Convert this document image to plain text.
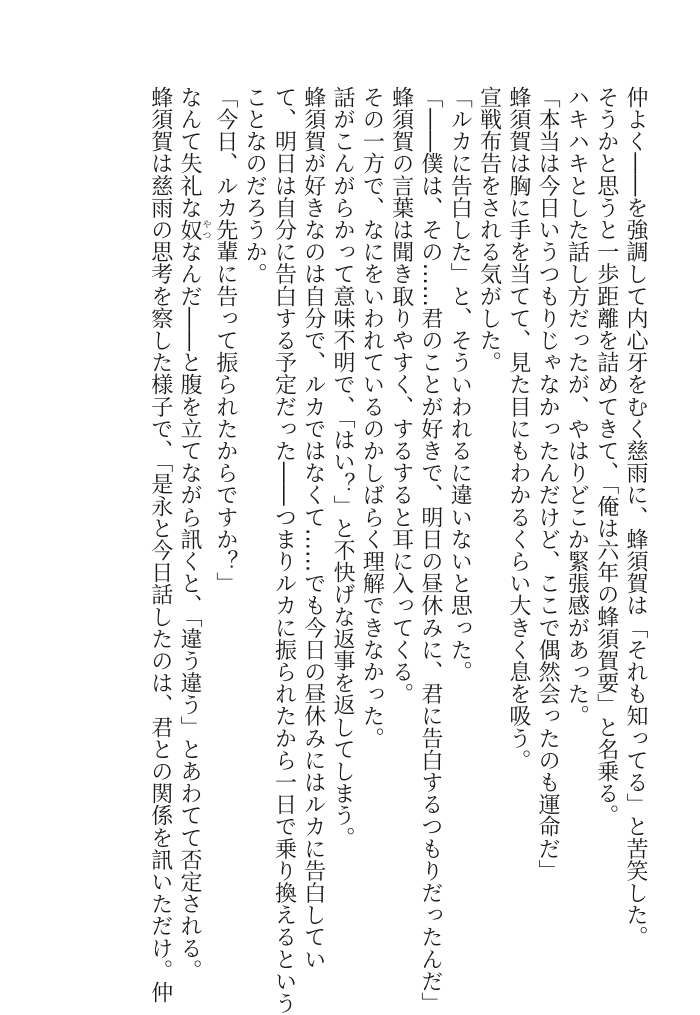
仲よく――を強調して内心牙をむく慈雨に、蜂須賀は「それも知ってる」と苦笑した。
そうかと思うと一歩距離を詰めてきて、「俺は六年の蜂須賀要」と名乗る。
ハキハキとした話し方だったが、やはりどこか緊張感があった。
「本当は今日いうつもりじゃなかったんだけど、ここで偶然会ったのも運命だ」
蜂須賀は胸に手を当てて、見た目にもわかるくらい大きく息を吸う。
宣戦布告をされる気がした。
「ルカに告白した」と、そういわれるに違いないと思った。
「――僕は、その……君のことが好きで、明日の昼休みに、君に告白するつもりだったんだ」
蜂須賀の言葉は聞き取りやすく、するすると耳に入ってくる。
その一方で、なにをいわれているのかしばらく理解できなかった。
話がこんがらかって意味不明で、「はい？」と不快げな返事を返してしまう。
蜂須賀が好きなのは自分で、ルカではなくて……でも今日の昼休みにはルカに告白してい
て、明日は自分に告白する予定だった――つまりルカに振られたから一日で乗り換えるという
ことなのだろうか。
「今日、ルカ先輩に告って振られたからですか？」
なんて失礼な奴やつなんだ――と腹を立てながら訊くと、「違う違う」とあわてて否定される。
蜂須賀は慈雨の思考を察した様子で、「是永と今日話したのは、君との関係を訊いただけ。仲
